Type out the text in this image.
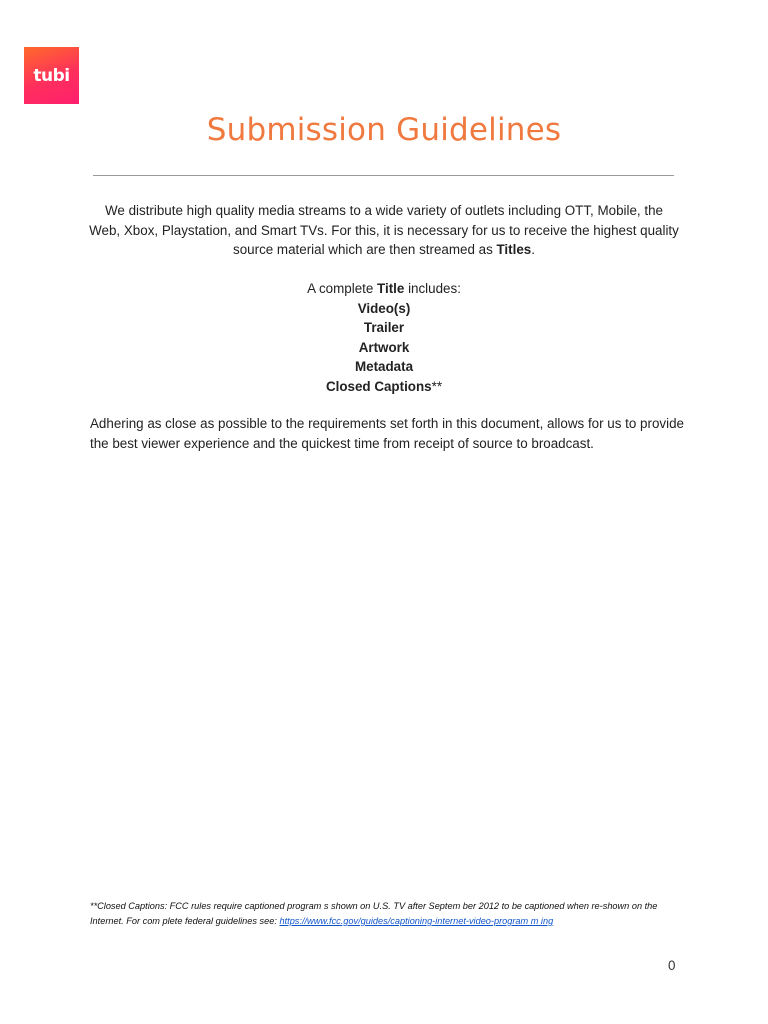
tubi
Submission Guidelines
We distribute high quality media streams to a wide variety of outlets including OTT, Mobile, the Web, Xbox, Playstation, and Smart TVs. For this, it is necessary for us to receive the highest quality source material which are then streamed as Titles.
A complete Title includes:
Video(s)
Trailer
Artwork
Metadata
Closed Captions**
Adhering as close as possible to the requirements set forth in this document, allows for us to provide the best viewer experience and the quickest time from receipt of source to broadcast.
**Closed Captions: FCC rules require captioned program s shown on U.S. TV after Septem ber 2012 to be captioned when re-shown on the Internet. For com plete federal guidelines see: https://www.fcc.gov/guides/captioning-internet-video-program m ing
0
